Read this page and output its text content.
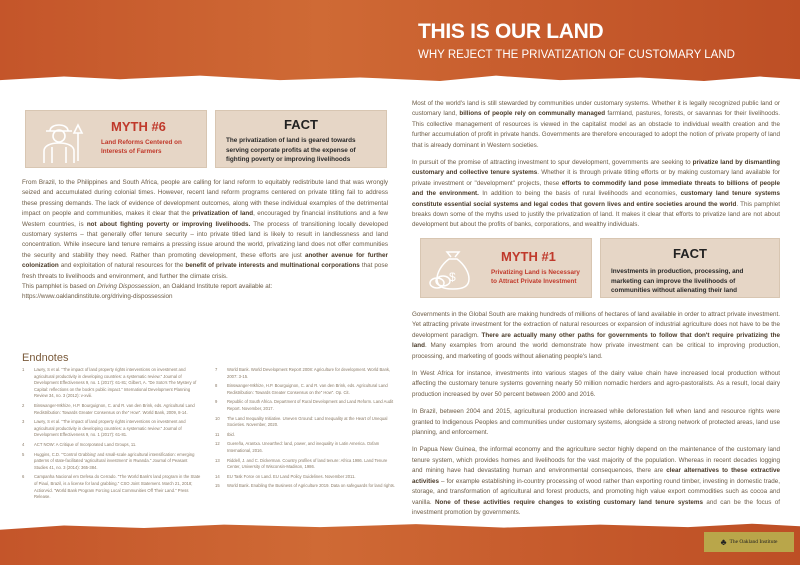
THIS IS OUR LAND
WHY REJECT THE PRIVATIZATION OF CUSTOMARY LAND
MYTH #6
Land Reforms Centered on Interests of Farmers
FACT
The privatization of land is geared towards serving corporate profits at the expense of fighting poverty or improving livelihoods

From Brazil, to the Philippines and South Africa, people are calling for land reform to equitably redistribute land that was wrongly seized and accumulated during colonial times. However, recent land reform programs centered on private titling fail to address these pressing demands. The lack of evidence of development outcomes, along with these individual examples of the detrimental impact on people and communities, makes it clear that the privatization of land, encouraged by financial institutions and a few Western countries, is not about fighting poverty or improving livelihoods. The process of transitioning locally developed customary systems – that generally offer tenure security – into private titled land is likely to result in landlessness and land concentration. While insecure land tenure remains a pressing issue around the world, privatizing land does not offer communities the security and stability they need. Rather than promoting development, these efforts are just another avenue for further colonization and exploitation of natural resources for the benefit of private interests and multinational corporations that pose fresh threats to livelihoods and environment, and further the climate crisis.

This pamphlet is based on Driving Dispossession, an Oakland Institute report available at:
https://www.oaklandinstitute.org/driving-dispossession
Endnotes
1	Lawry, S et al. "The impact of land property rights interventions on investment and agricultural productivity in developing countries: a systematic review." Journal of Development Effectiveness 9, no. 1 (2017): 61-81; Gilbert, A. "De Soto's The Mystery of Capital: reflections on the book's public impact." International Development Planning Review 34, no. 3 (2012): v-xviii.
2	Binswanger-Mkhize, H.P. Bourguignon, C. and R. van den Brink, eds. Agricultural Land Redistribution: Towards Greater Consensus on the" How". World Bank, 2009, 8-14.
3	Lawry, S et al. "The impact of land property rights interventions on investment and agricultural productivity in developing countries: a systematic review." Journal of Development Effectiveness 9, no. 1 (2017): 61-81.
4	ACT NOW: A Critique of Incorporated Land Groups, 11.
5	Huggins, C.D. "'Control Grabbing' and small-scale agricultural intensification: emerging patterns of state-facilitated 'agricultural investment' in Rwanda." Journal of Peasant Studies 41, no. 3 (2014): 365-384.
6	Campanha Nacional em Defesa do Cerrado. "The World Bank's land program in the State of Piauí, Brazil, is a license for land grabbing." CSO Joint Statement. March 21, 2018; ActionAid. "World Bank Program Forcing Local Communities Off Their Land." Press Release.
7	World Bank. World Development Report 2008: Agriculture for development. World Bank, 2007: 3-15.
8	Binswanger-Mkhize, H.P. Bourguignon, C. and R. van den Brink, eds. Agricultural Land Redistribution: Towards Greater Consensus on the" How". Op. Cit.
9	Republic of South Africa. Department of Rural Development and Land Reform. Land Audit Report. November, 2017.
10	The Land Inequality Initiative. Uneven Ground: Land Inequality at the Heart of Unequal Societies. November, 2020.
11	Ibid.
12	Guereña, Arantxa. Unearthed: land, power, and inequality in Latin America. Oxfam International, 2016.
13	Riddell, J. and C. Dickerman. Country profiles of land tenure: Africa 1986. Land Tenure Center, University of Wisconsin-Madison, 1986.
14	EU Task Force on Land. EU Land Policy Guidelines. November 2011.
15	World Bank. Enabling the Business of Agriculture 2019. Data on safeguards for land rights.

Most of the world's land is still stewarded by communities under customary systems. Whether it is legally recognized public land or customary land, billions of people rely on communally managed farmland, pastures, forests, or savannas for their livelihoods. This collective management of resources is viewed in the capitalist model as an obstacle to individual wealth creation and the further accumulation of profit in private hands. Governments are therefore encouraged to adopt the notion of private property of land that is already dominant in Western societies.

In pursuit of the promise of attracting investment to spur development, governments are seeking to privatize land by dismantling customary and collective tenure systems. Whether it is through private titling efforts or by making customary land available for private investment or "development" projects, these efforts to commodify land pose immediate threats to billions of people and the environment. In addition to being the basis of rural livelihoods and economies, customary land tenure systems constitute essential social systems and legal codes that govern lives and entire societies around the world. This pamphlet breaks down some of the myths used to justify the privatization of land. It makes it clear that efforts to privatize land are not about development but about the profits of banks, corporations, and wealthy individuals.

$
MYTH #1
Privatizing Land is Necessary to Attract Private Investment
FACT
Investments in production, processing, and marketing can improve the livelihoods of communities without alienating their land

Governments in the Global South are making hundreds of millions of hectares of land available in order to attract private investment. Yet attracting private investment for the extraction of natural resources or expansion of industrial agriculture does not have to be the development paradigm. There are actually many other paths for governments to follow that don't require privatizing the land. Many examples from around the world demonstrate how private investment can be critical to improving production, processing, and marketing of goods without alienating people's land.

In West Africa for instance, investments into various stages of the dairy value chain have increased local production without affecting the customary tenure systems governing nearly 50 million nomadic herders and agro-pastoralists. As a result, local dairy production increased by over 50 percent between 2000 and 2016.

In Brazil, between 2004 and 2015, agricultural production increased while deforestation fell when land and resource rights were granted to Indigenous Peoples and communities under customary systems, alongside a strong network of protected areas, land use planning, and enforcement.

In Papua New Guinea, the informal economy and the agriculture sector highly depend on the maintenance of the customary land tenure system, which provides homes and livelihoods for the vast majority of the population. Whereas in recent decades logging and mining have had devastating human and environmental consequences, there are clear alternatives to these extractive activities – for example establishing in-country processing of wood rather than exporting round timber, investing in domestic trade, storage, and transformation of agricultural and forest products, and promoting high value export commodities such as cocoa and vanilla. None of these activities require changes to existing customary land tenure systems and can be the focus of investment promotion by governments.

♣ The Oakland Institute
